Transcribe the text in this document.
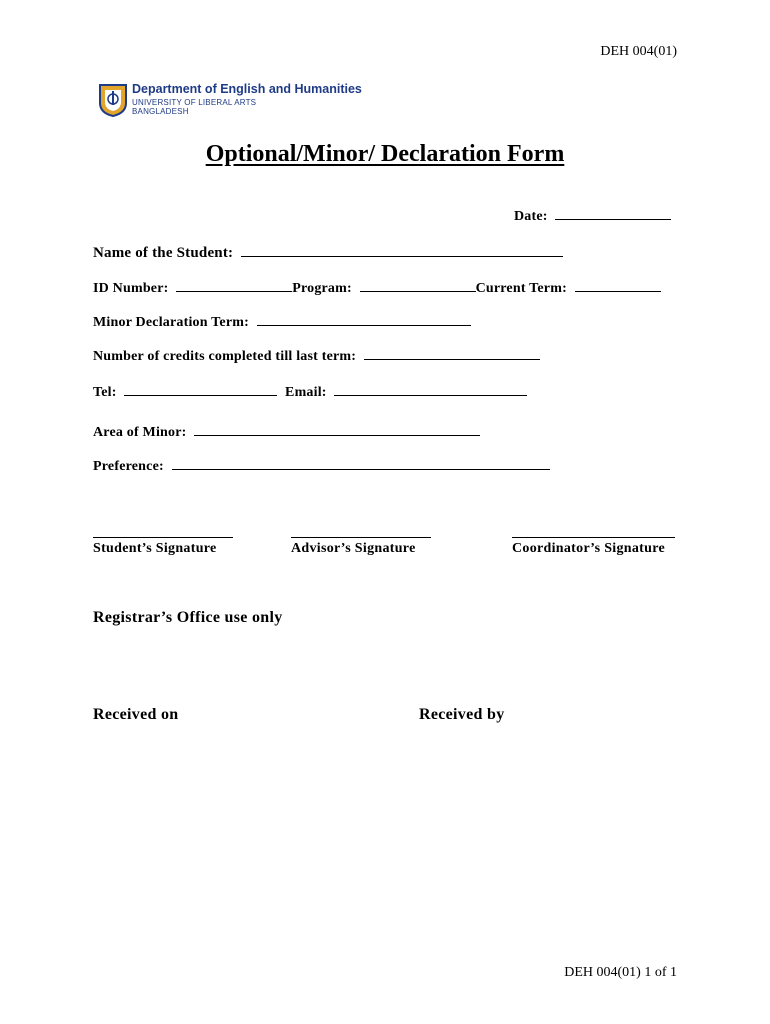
DEH 004(01)
Department of English and Humanities
UNIVERSITY OF LIBERAL ARTS
BANGLADESH
Optional/Minor/ Declaration Form
Date:
Name of the Student:
ID Number:	Program:	Current Term:
Minor Declaration Term:
Number of credits completed till last term:
Tel:	Email:
Area of Minor:
Preference:
Student’s Signature	Advisor’s Signature	Coordinator’s Signature
Registrar’s Office use only
Received on	Received by
DEH 004(01) 1 of 1
